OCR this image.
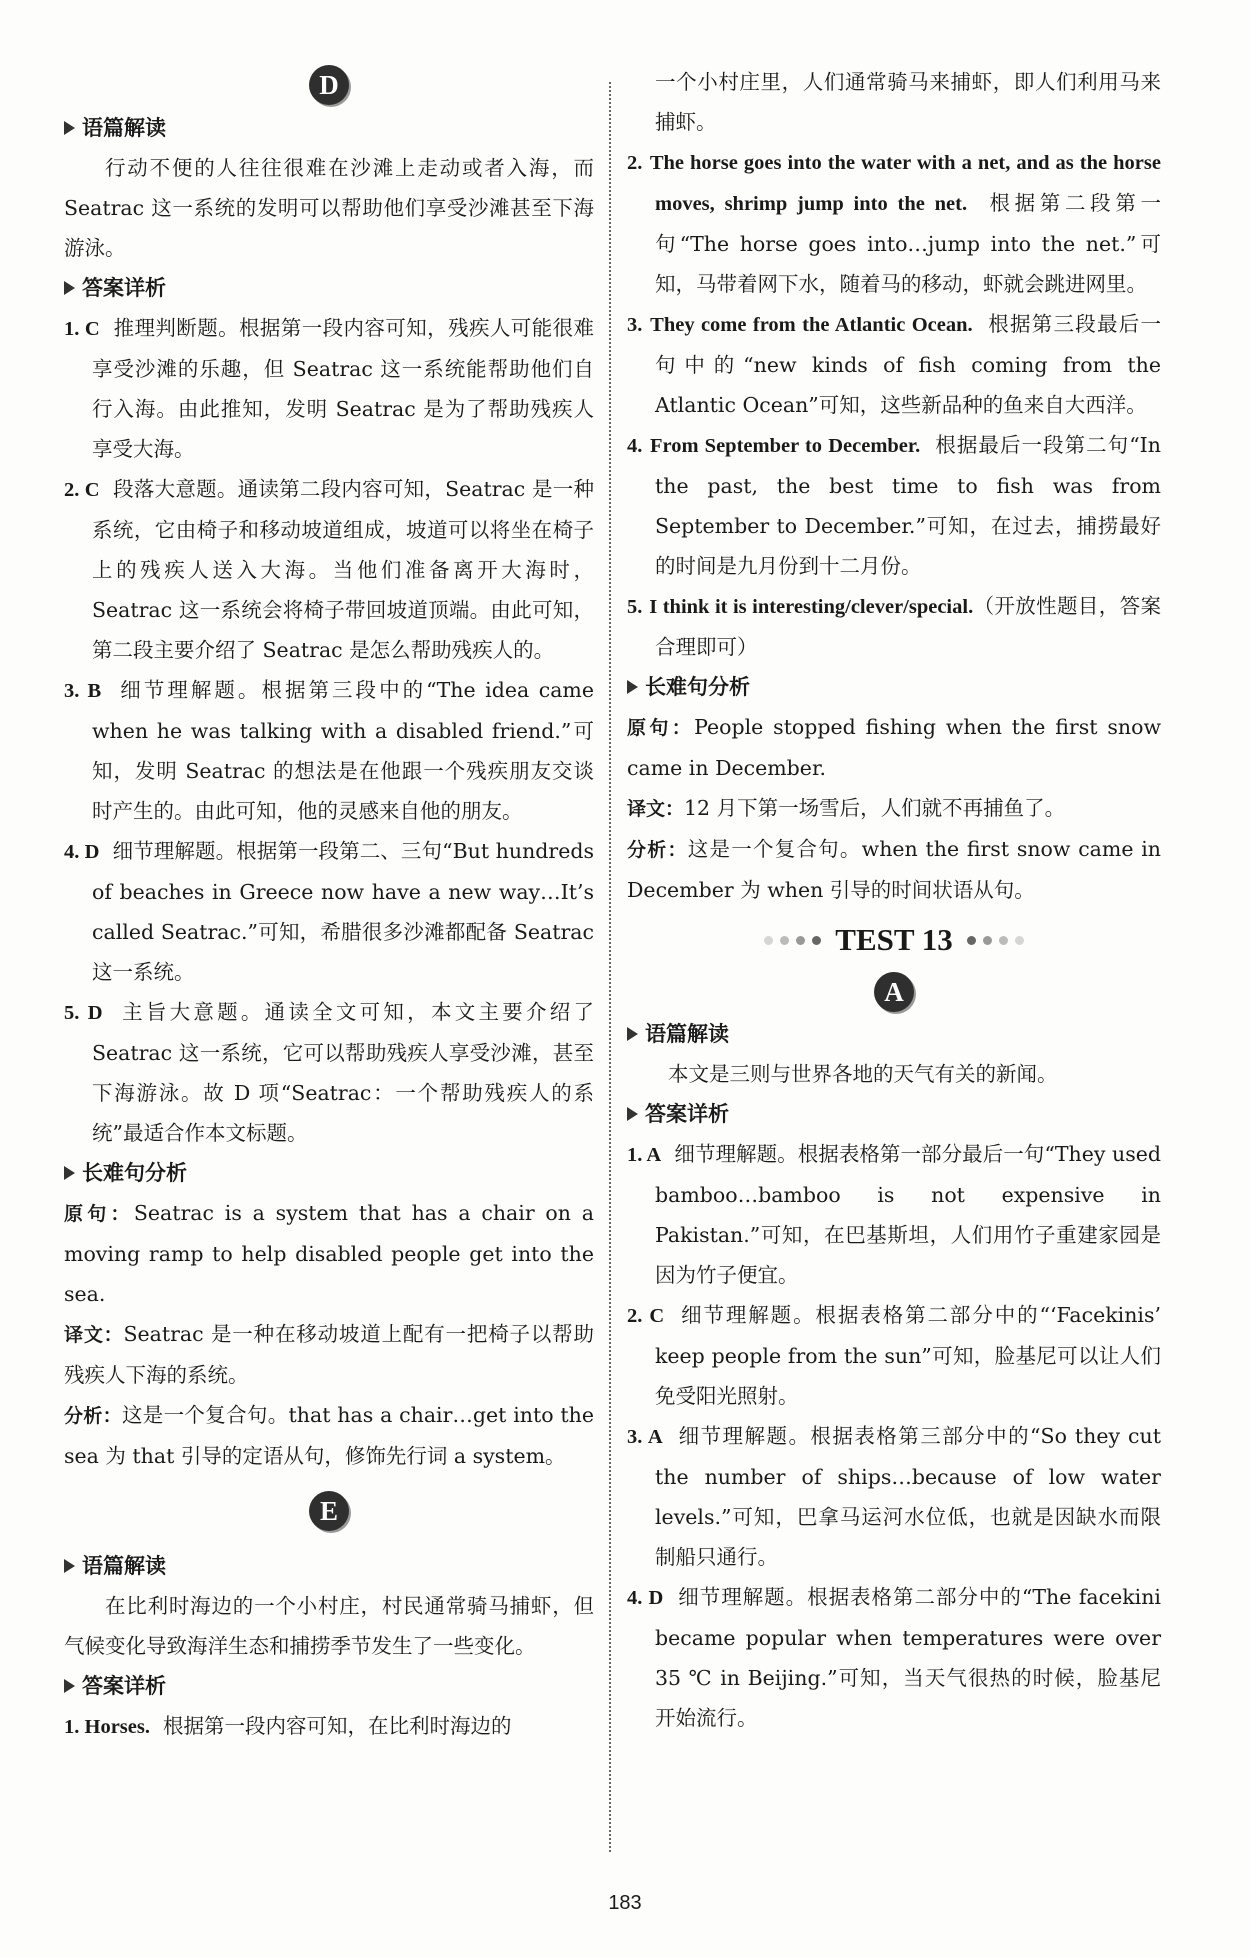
D
语篇解读

行动不便的人往往很难在沙滩上走动或者入海，而 Seatrac 这一系统的发明可以帮助他们享受沙滩甚至下海游泳。

答案详析

1. C 推理判断题。根据第一段内容可知，残疾人可能很难享受沙滩的乐趣，但 Seatrac 这一系统能帮助他们自行入海。由此推知，发明 Seatrac 是为了帮助残疾人享受大海。

2. C 段落大意题。通读第二段内容可知，Seatrac 是一种系统，它由椅子和移动坡道组成，坡道可以将坐在椅子上的残疾人送入大海。当他们准备离开大海时，Seatrac 这一系统会将椅子带回坡道顶端。由此可知，第二段主要介绍了 Seatrac 是怎么帮助残疾人的。

3. B 细节理解题。根据第三段中的“The idea came when he was talking with a disabled friend.”可知，发明 Seatrac 的想法是在他跟一个残疾朋友交谈时产生的。由此可知，他的灵感来自他的朋友。

4. D 细节理解题。根据第一段第二、三句“But hundreds of beaches in Greece now have a new way…It’s called Seatrac.”可知，希腊很多沙滩都配备 Seatrac 这一系统。

5. D 主旨大意题。通读全文可知，本文主要介绍了 Seatrac 这一系统，它可以帮助残疾人享受沙滩，甚至下海游泳。故 D 项“Seatrac：一个帮助残疾人的系统”最适合作本文标题。

长难句分析

原句：Seatrac is a system that has a chair on a moving ramp to help disabled people get into the sea.

译文：Seatrac 是一种在移动坡道上配有一把椅子以帮助残疾人下海的系统。

分析：这是一个复合句。that has a chair…get into the sea 为 that 引导的定语从句，修饰先行词 a system。

E
语篇解读

在比利时海边的一个小村庄，村民通常骑马捕虾，但气候变化导致海洋生态和捕捞季节发生了一些变化。

答案详析

1. Horses. 根据第一段内容可知，在比利时海边的

一个小村庄里，人们通常骑马来捕虾，即人们利用马来捕虾。

2. The horse goes into the water with a net, and as the horse moves, shrimp jump into the net. 根据第二段第一句“The horse goes into…jump into the net.”可知，马带着网下水，随着马的移动，虾就会跳进网里。

3. They come from the Atlantic Ocean. 根据第三段最后一句中的“new kinds of fish coming from the Atlantic Ocean”可知，这些新品种的鱼来自大西洋。

4. From September to December. 根据最后一段第二句“In the past, the best time to fish was from September to December.”可知，在过去，捕捞最好的时间是九月份到十二月份。

5. I think it is interesting/clever/special.（开放性题目，答案合理即可）

长难句分析

原句：People stopped fishing when the first snow came in December.

译文：12 月下第一场雪后，人们就不再捕鱼了。

分析：这是一个复合句。when the first snow came in December 为 when 引导的时间状语从句。

TEST 13
A
语篇解读

本文是三则与世界各地的天气有关的新闻。

答案详析

1. A 细节理解题。根据表格第一部分最后一句“They used bamboo…bamboo is not expensive in Pakistan.”可知，在巴基斯坦，人们用竹子重建家园是因为竹子便宜。

2. C 细节理解题。根据表格第二部分中的“‘Facekinis’ keep people from the sun”可知，脸基尼可以让人们免受阳光照射。

3. A 细节理解题。根据表格第三部分中的“So they cut the number of ships…because of low water levels.”可知，巴拿马运河水位低，也就是因缺水而限制船只通行。

4. D 细节理解题。根据表格第二部分中的“The facekini became popular when temperatures were over 35 ℃ in Beijing.”可知，当天气很热的时候，脸基尼开始流行。

183
